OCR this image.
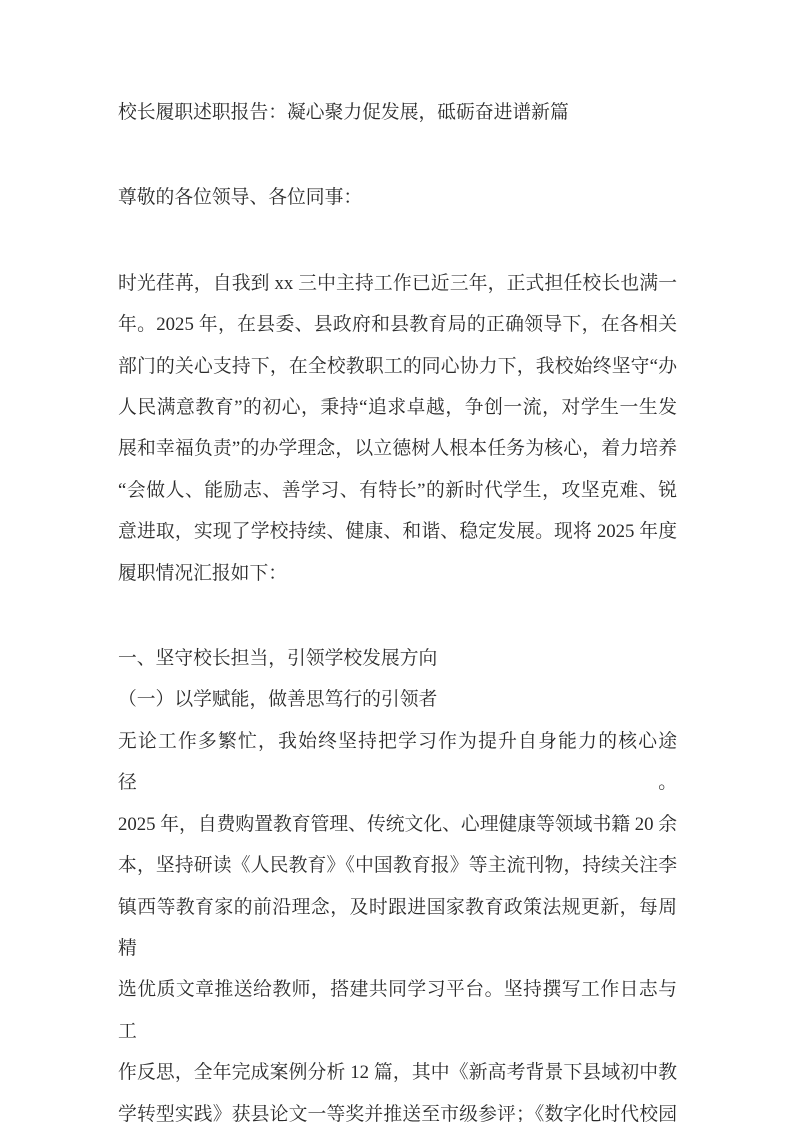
校长履职述职报告：凝心聚力促发展，砥砺奋进谱新篇
尊敬的各位领导、各位同事：
时光荏苒，自我到 xx 三中主持工作已近三年，正式担任校长也满一
年。2025 年，在县委、县政府和县教育局的正确领导下，在各相关
部门的关心支持下，在全校教职工的同心协力下，我校始终坚守“办
人民满意教育”的初心，秉持“追求卓越，争创一流，对学生一生发
展和幸福负责”的办学理念，以立德树人根本任务为核心，着力培养
“会做人、能励志、善学习、有特长”的新时代学生，攻坚克难、锐
意进取，实现了学校持续、健康、和谐、稳定发展。现将 2025 年度
履职情况汇报如下：
一、坚守校长担当，引领学校发展方向
（一）以学赋能，做善思笃行的引领者
无论工作多繁忙，我始终坚持把学习作为提升自身能力的核心途径。
2025 年，自费购置教育管理、传统文化、心理健康等领域书籍 20 余
本，坚持研读《人民教育》《中国教育报》等主流刊物，持续关注李
镇西等教育家的前沿理念，及时跟进国家教育政策法规更新，每周精
选优质文章推送给教师，搭建共同学习平台。坚持撰写工作日志与工
作反思，全年完成案例分析 12 篇，其中《新高考背景下县域初中教
学转型实践》获县论文一等奖并推送至市级参评；《数字化时代校园
